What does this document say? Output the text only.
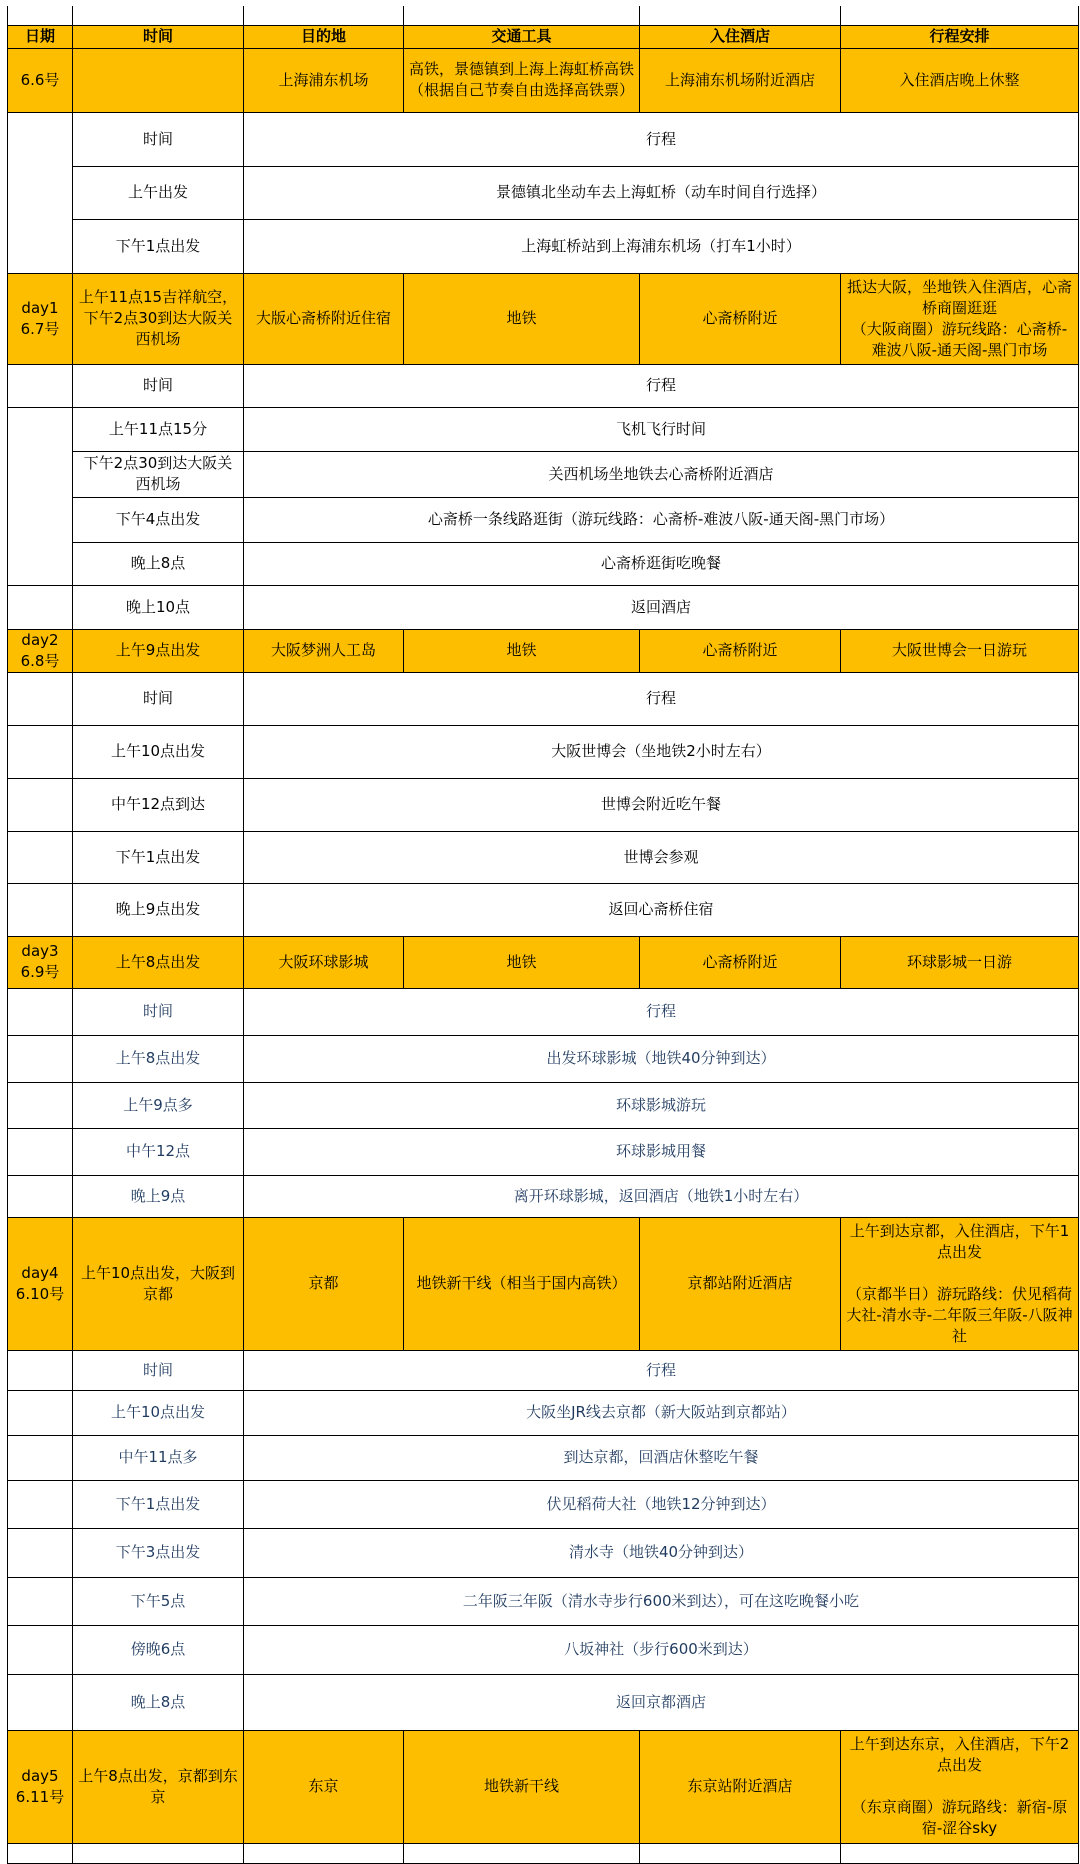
日期	时间	目的地	交通工具	入住酒店	行程安排
6.6号		上海浦东机场	高铁，景德镇到上海上海虹桥高铁（根据自己节奏自由选择高铁票）	上海浦东机场附近酒店	入住酒店晚上休整
	时间	行程			
	上午出发	景德镇北坐动车去上海虹桥（动车时间自行选择）			
	下午1点出发	上海虹桥站到上海浦东机场（打车1小时）			
day1 6.7号	上午11点15吉祥航空，下午2点30到达大阪关西机场	大版心斋桥附近住宿	地铁	心斋桥附近	抵达大阪，坐地铁入住酒店，心斋桥商圈逛逛
（大阪商圈）游玩线路：心斋桥-难波八阪-通天阁-黑门市场
	时间	行程			
	上午11点15分	飞机飞行时间			
	下午2点30到达大阪关西机场	关西机场坐地铁去心斋桥附近酒店			
	下午4点出发	心斋桥一条线路逛街（游玩线路：心斋桥-难波八阪-通天阁-黑门市场）			
	晚上8点	心斋桥逛街吃晚餐			
	晚上10点	返回酒店			
day2 6.8号	上午9点出发	大阪梦洲人工岛	地铁	心斋桥附近	大阪世博会一日游玩
	时间	行程			
	上午10点出发	大阪世博会（坐地铁2小时左右）			
	中午12点到达	世博会附近吃午餐			
	下午1点出发	世博会参观			
	晚上9点出发	返回心斋桥住宿			
day3 6.9号	上午8点出发	大阪环球影城	地铁	心斋桥附近	环球影城一日游
	时间	行程			
	上午8点出发	出发环球影城（地铁40分钟到达）			
	上午9点多	环球影城游玩			
	中午12点	环球影城用餐			
	晚上9点	离开环球影城，返回酒店（地铁1小时左右）			
day4 6.10号	上午10点出发，大阪到京都	京都	地铁新干线（相当于国内高铁）	京都站附近酒店	上午到达京都，入住酒店，下午1点出发

（京都半日）游玩路线：伏见稻荷大社-清水寺-二年阪三年阪-八阪神社
	时间	行程			
	上午10点出发	大阪坐JR线去京都（新大阪站到京都站）			
	中午11点多	到达京都，回酒店休整吃午餐			
	下午1点出发	伏见稻荷大社（地铁12分钟到达）			
	下午3点出发	清水寺（地铁40分钟到达）			
	下午5点	二年阪三年阪（清水寺步行600米到达），可在这吃晚餐小吃			
	傍晚6点	八坂神社（步行600米到达）			
	晚上8点	返回京都酒店			
day5 6.11号	上午8点出发，京都到东京	东京	地铁新干线	东京站附近酒店	上午到达东京，入住酒店，下午2点出发

（东京商圈）游玩路线：新宿-原宿-涩谷sky
